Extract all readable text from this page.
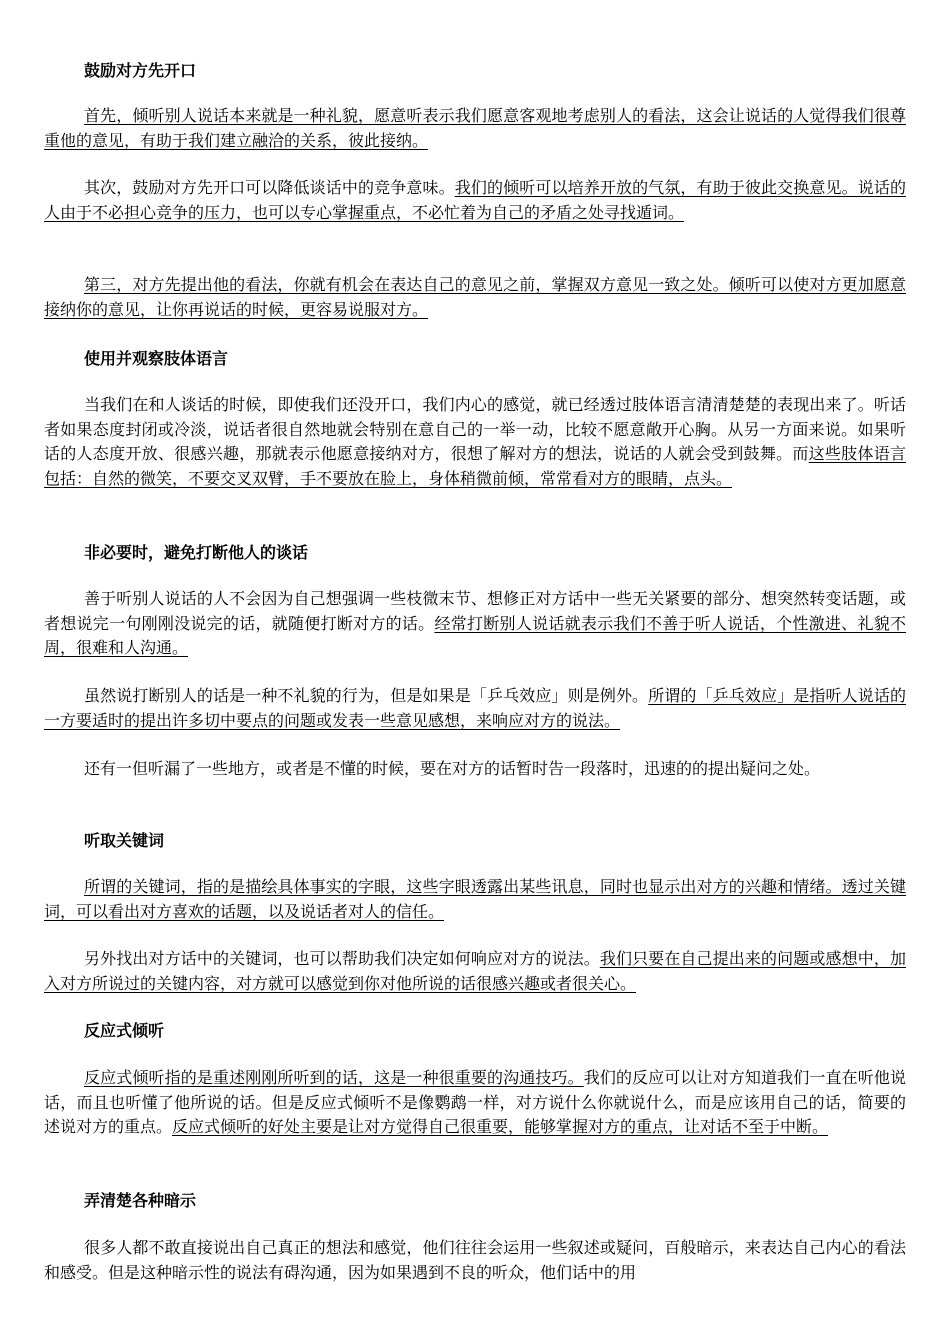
鼓励对方先开口

首先，倾听别人说话本来就是一种礼貌，愿意听表示我们愿意客观地考虑别人的看法，这会让说话的人觉得我们很尊重他的意见，有助于我们建立融洽的关系，彼此接纳。

其次，鼓励对方先开口可以降低谈话中的竞争意味。我们的倾听可以培养开放的气氛，有助于彼此交换意见。说话的人由于不必担心竞争的压力，也可以专心掌握重点，不必忙着为自己的矛盾之处寻找遁词。

第三，对方先提出他的看法，你就有机会在表达自己的意见之前，掌握双方意见一致之处。倾听可以使对方更加愿意接纳你的意见，让你再说话的时候，更容易说服对方。

使用并观察肢体语言

当我们在和人谈话的时候，即使我们还没开口，我们内心的感觉，就已经透过肢体语言清清楚楚的表现出来了。听话者如果态度封闭或冷淡，说话者很自然地就会特别在意自己的一举一动，比较不愿意敞开心胸。从另一方面来说。如果听话的人态度开放、很感兴趣，那就表示他愿意接纳对方，很想了解对方的想法，说话的人就会受到鼓舞。而这些肢体语言包括：自然的微笑，不要交叉双臂，手不要放在脸上，身体稍微前倾，常常看对方的眼睛，点头。

非必要时，避免打断他人的谈话

善于听别人说话的人不会因为自己想强调一些枝微末节、想修正对方话中一些无关紧要的部分、想突然转变话题，或者想说完一句刚刚没说完的话，就随便打断对方的话。经常打断别人说话就表示我们不善于听人说话，个性激进、礼貌不周，很难和人沟通。

虽然说打断别人的话是一种不礼貌的行为，但是如果是「乒乓效应」则是例外。所谓的「乒乓效应」是指听人说话的一方要适时的提出许多切中要点的问题或发表一些意见感想，来响应对方的说法。

还有一但听漏了一些地方，或者是不懂的时候，要在对方的话暂时告一段落时，迅速的的提出疑问之处。

听取关键词

所谓的关键词，指的是描绘具体事实的字眼，这些字眼透露出某些讯息，同时也显示出对方的兴趣和情绪。透过关键词，可以看出对方喜欢的话题，以及说话者对人的信任。

另外找出对方话中的关键词，也可以帮助我们决定如何响应对方的说法。我们只要在自己提出来的问题或感想中，加入对方所说过的关键内容，对方就可以感觉到你对他所说的话很感兴趣或者很关心。

反应式倾听

反应式倾听指的是重述刚刚所听到的话，这是一种很重要的沟通技巧。我们的反应可以让对方知道我们一直在听他说话，而且也听懂了他所说的话。但是反应式倾听不是像鹦鹉一样，对方说什么你就说什么，而是应该用自己的话，简要的述说对方的重点。反应式倾听的好处主要是让对方觉得自己很重要，能够掌握对方的重点，让对话不至于中断。

弄清楚各种暗示

很多人都不敢直接说出自己真正的想法和感觉，他们往往会运用一些叙述或疑问，百般暗示，来表达自己内心的看法和感受。但是这种暗示性的说法有碍沟通，因为如果遇到不良的听众，他们话中的用
